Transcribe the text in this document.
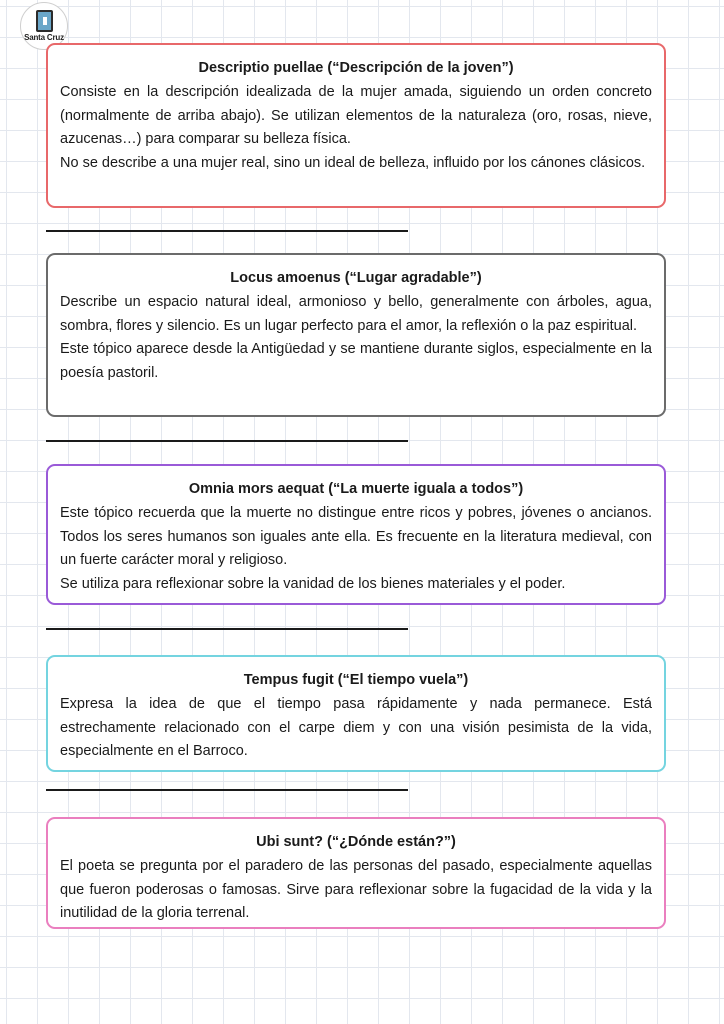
Santa Cruz
Descriptio puellae (“Descripción de la joven”)

Consiste en la descripción idealizada de la mujer amada, siguiendo un orden concreto (normalmente de arriba abajo). Se utilizan elementos de la naturaleza (oro, rosas, nieve, azucenas…) para comparar su belleza física.

No se describe a una mujer real, sino un ideal de belleza, influido por los cánones clásicos.

Locus amoenus (“Lugar agradable”)

Describe un espacio natural ideal, armonioso y bello, generalmente con árboles, agua, sombra, flores y silencio. Es un lugar perfecto para el amor, la reflexión o la paz espiritual.

Este tópico aparece desde la Antigüedad y se mantiene durante siglos, especialmente en la poesía pastoril.

Omnia mors aequat (“La muerte iguala a todos”)

Este tópico recuerda que la muerte no distingue entre ricos y pobres, jóvenes o ancianos. Todos los seres humanos son iguales ante ella. Es frecuente en la literatura medieval, con un fuerte carácter moral y religioso.

Se utiliza para reflexionar sobre la vanidad de los bienes materiales y el poder.

Tempus fugit (“El tiempo vuela”)

Expresa la idea de que el tiempo pasa rápidamente y nada permanece. Está estrechamente relacionado con el carpe diem y con una visión pesimista de la vida, especialmente en el Barroco.

Ubi sunt? (“¿Dónde están?”)

El poeta se pregunta por el paradero de las personas del pasado, especialmente aquellas que fueron poderosas o famosas. Sirve para reflexionar sobre la fugacidad de la vida y la inutilidad de la gloria terrenal.
